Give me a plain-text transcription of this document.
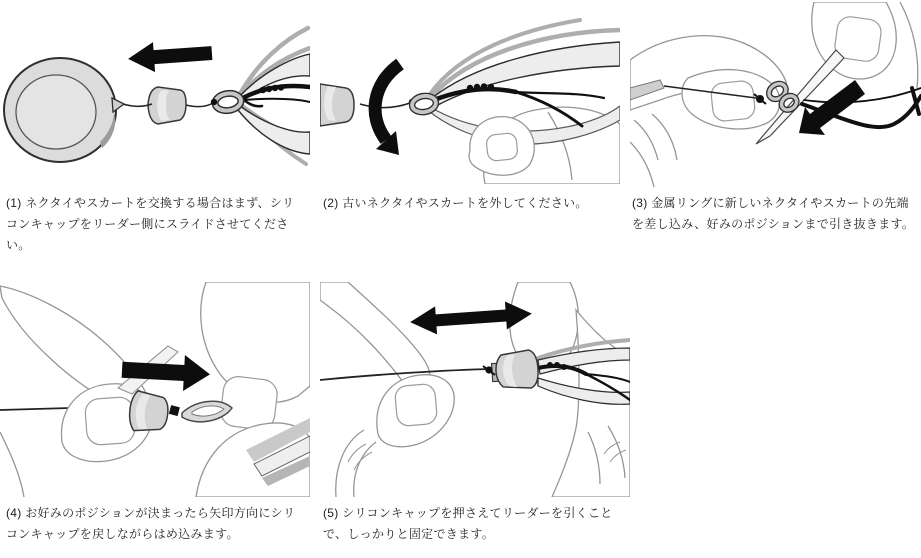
(1) ネクタイやスカートを交換する場合はまず、シリコンキャップをリーダー側にスライドさせてください。

(2) 古いネクタイやスカートを外してください。	(3) 金属リングに新しいネクタイやスカートの先端を差し込み、好みのポジションまで引き抜きます。

(4) お好みのポジションが決まったら矢印方向にシリコンキャップを戻しながらはめ込みます。

(5) シリコンキャップを押さえてリーダーを引くことで、しっかりと固定できます。
